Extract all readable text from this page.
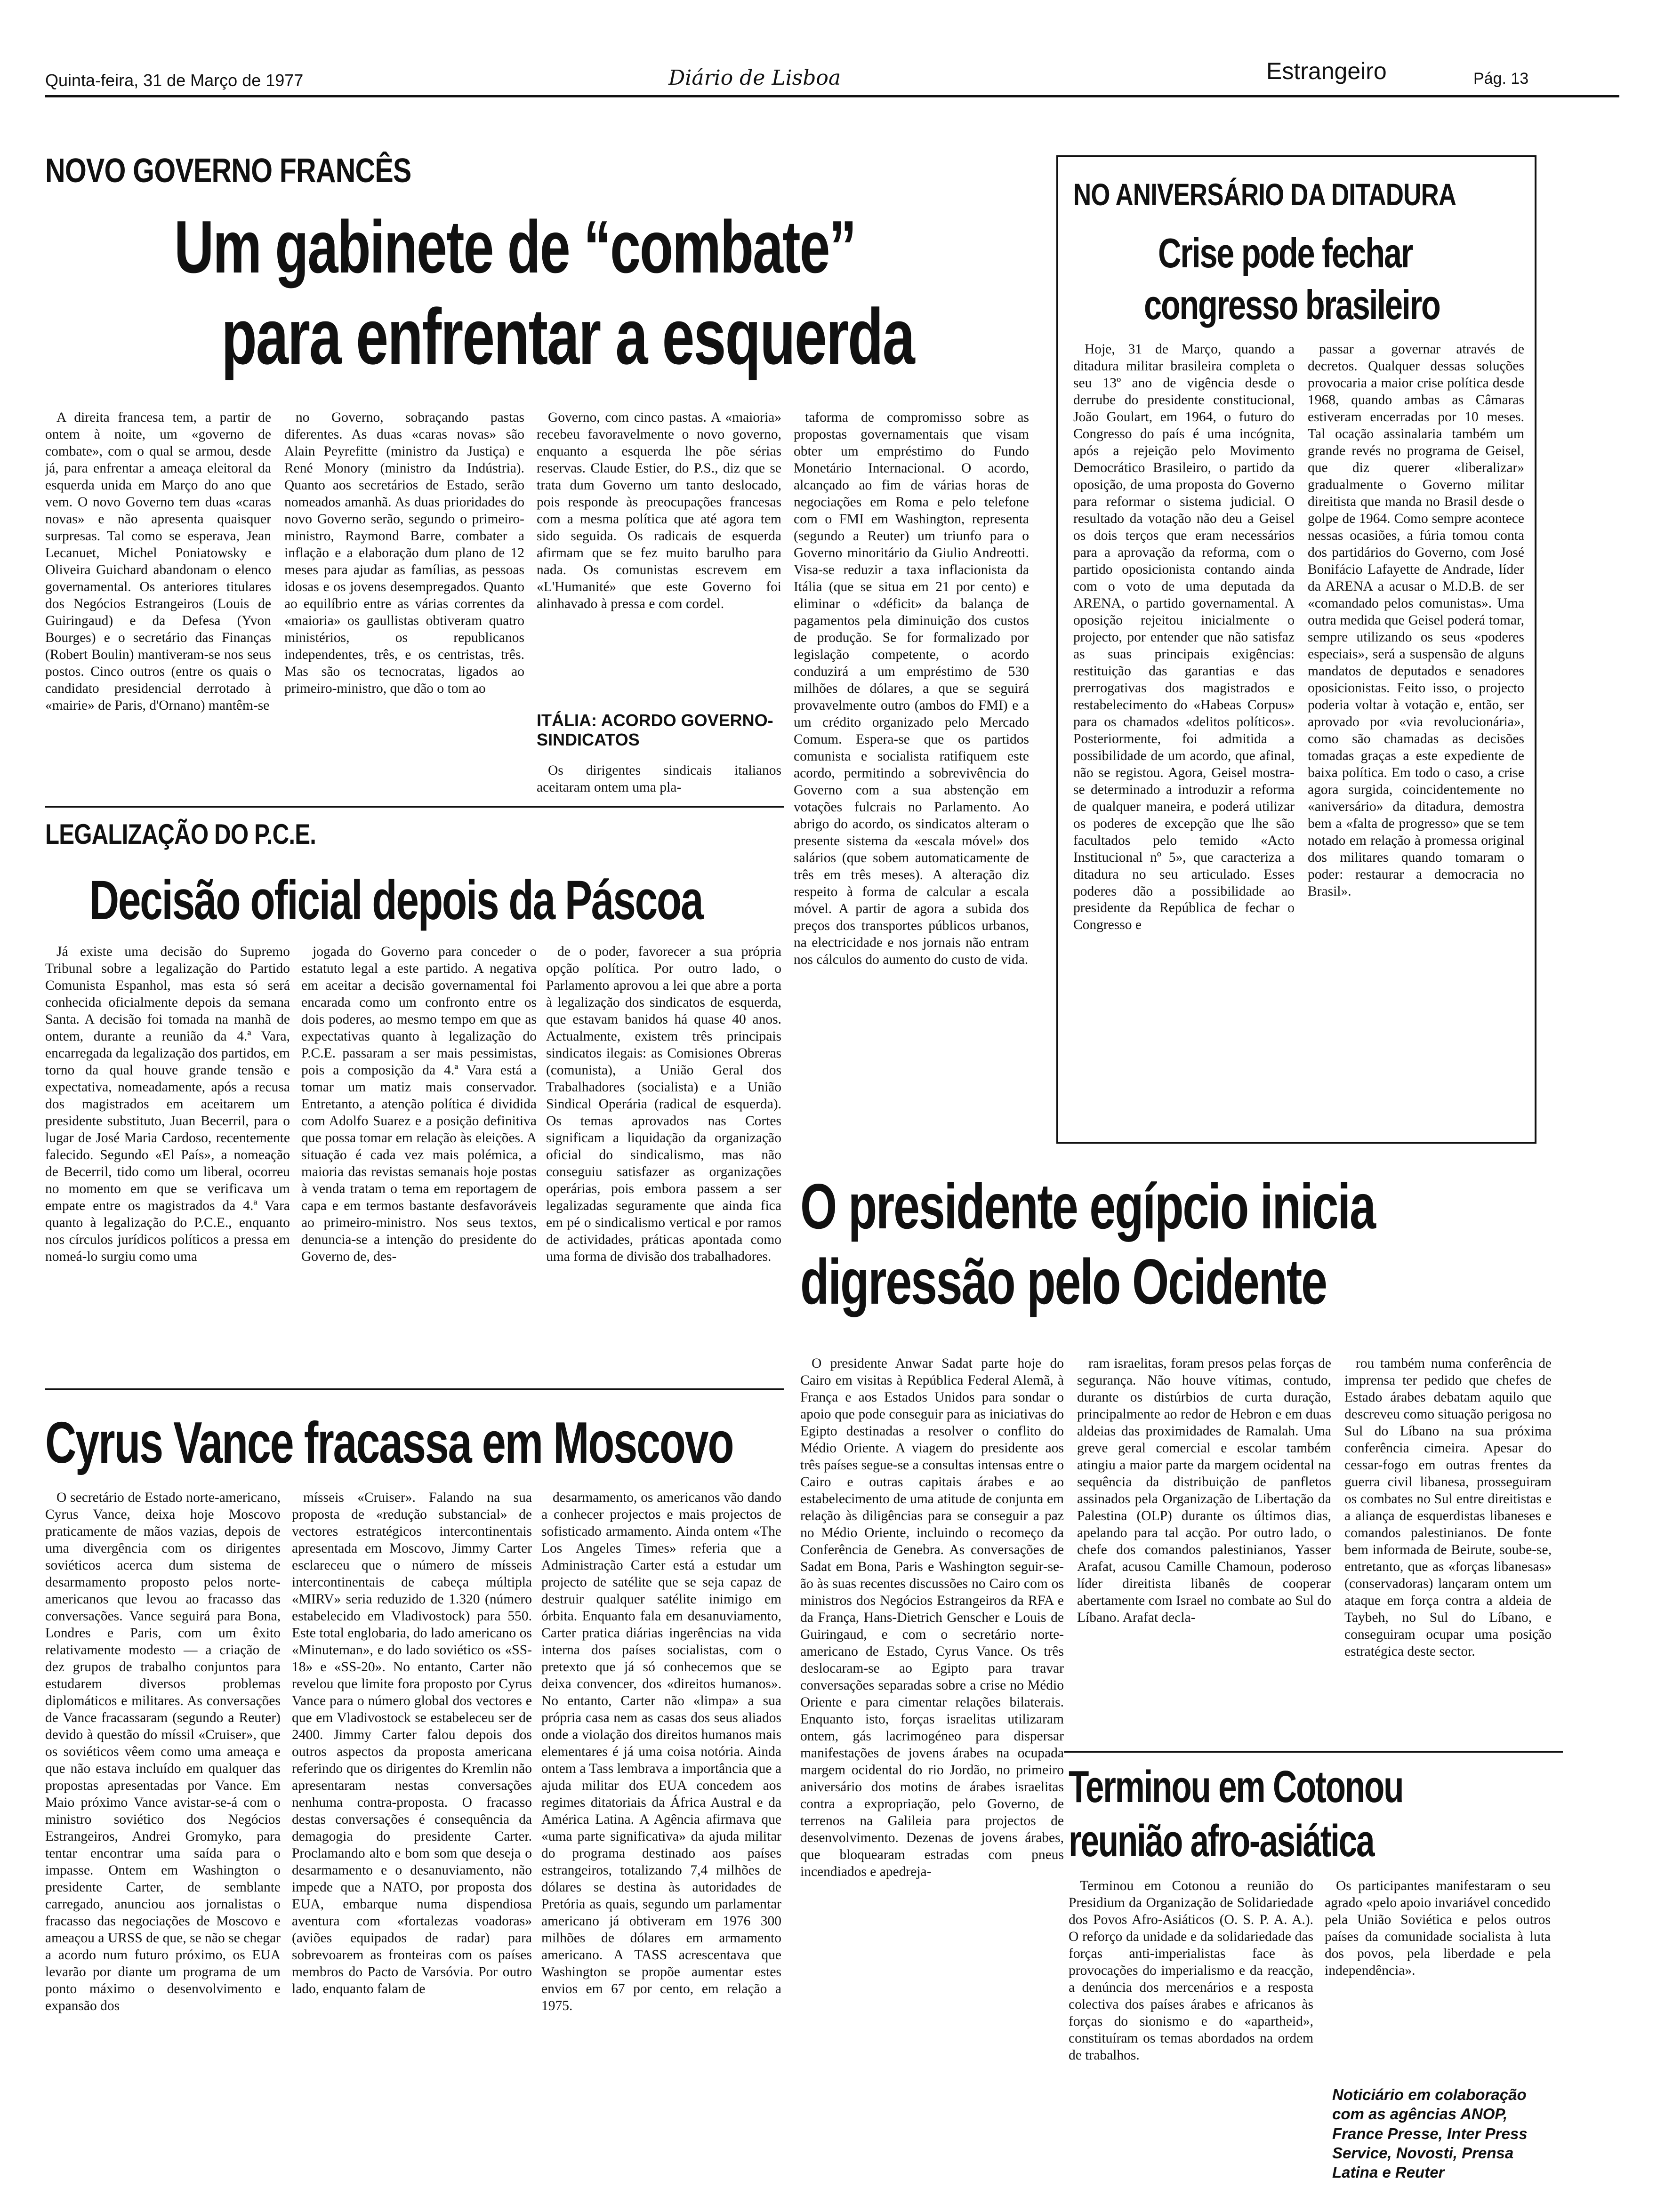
Quinta-feira, 31 de Março de 1977	Diário de Lisboa	Estrangeiro	Pág. 13
NOVO GOVERNO FRANCÊS
Um gabinete de “combate”
para enfrentar a esquerda

A direita francesa tem, a partir de ontem à noite, um «governo de combate», com o qual se armou, desde já, para enfrentar a ameaça eleitoral da esquerda unida em Março do ano que vem. O novo Governo tem duas «caras novas» e não apresenta quaisquer surpresas. Tal como se esperava, Jean Lecanuet, Michel Poniatowsky e Oliveira Guichard abandonam o elenco governamental. Os anteriores titulares dos Negócios Estrangeiros (Louis de Guiringaud) e da Defesa (Yvon Bourges) e o secretário das Finanças (Robert Boulin) mantiveram-se nos seus postos. Cinco outros (entre os quais o candidato presidencial derrotado à «mairie» de Paris, d'Ornano) mantêm-se

no Governo, sobraçando pastas diferentes. As duas «caras novas» são Alain Peyrefitte (ministro da Justiça) e René Monory (ministro da Indústria). Quanto aos secretários de Estado, serão nomeados amanhã. As duas prioridades do novo Governo serão, segundo o primeiro-ministro, Raymond Barre, combater a inflação e a elaboração dum plano de 12 meses para ajudar as famílias, as pessoas idosas e os jovens desempregados. Quanto ao equilíbrio entre as várias correntes da «maioria» os gaullistas obtiveram quatro ministérios, os republicanos independentes, três, e os centristas, três. Mas são os tecnocratas, ligados ao primeiro-ministro, que dão o tom ao

Governo, com cinco pastas. A «maioria» recebeu favoravelmente o novo governo, enquanto a esquerda lhe põe sérias reservas. Claude Estier, do P.S., diz que se trata dum Governo um tanto deslocado, pois responde às preocupações francesas com a mesma política que até agora tem sido seguida. Os radicais de esquerda afirmam que se fez muito barulho para nada. Os comunistas escrevem em «L'Humanité» que este Governo foi alinhavado à pressa e com cordel.

ITÁLIA: ACORDO GOVERNO-SINDICATOS

Os dirigentes sindicais italianos aceitaram ontem uma pla-

taforma de compromisso sobre as propostas governamentais que visam obter um empréstimo do Fundo Monetário Internacional. O acordo, alcançado ao fim de várias horas de negociações em Roma e pelo telefone com o FMI em Washington, representa (segundo a Reuter) um triunfo para o Governo minoritário da Giulio Andreotti. Visa-se reduzir a taxa inflacionista da Itália (que se situa em 21 por cento) e eliminar o «déficit» da balança de pagamentos pela diminuição dos custos de produção. Se for formalizado por legislação competente, o acordo conduzirá a um empréstimo de 530 milhões de dólares, a que se seguirá provavelmente outro (ambos do FMI) e a um crédito organizado pelo Mercado Comum. Espera-se que os partidos comunista e socialista ratifiquem este acordo, permitindo a sobrevivência do Governo com a sua abstenção em votações fulcrais no Parlamento. Ao abrigo do acordo, os sindicatos alteram o presente sistema da «escala móvel» dos salários (que sobem automaticamente de três em três meses). A alteração diz respeito à forma de calcular a escala móvel. A partir de agora a subida dos preços dos transportes públicos urbanos, na electricidade e nos jornais não entram nos cálculos do aumento do custo de vida.

NO ANIVERSÁRIO DA DITADURA
Crise pode fechar
congresso brasileiro

Hoje, 31 de Março, quando a ditadura militar brasileira completa o seu 13º ano de vigência desde o derrube do presidente constitucional, João Goulart, em 1964, o futuro do Congresso do país é uma incógnita, após a rejeição pelo Movimento Democrático Brasileiro, o partido da oposição, de uma proposta do Governo para reformar o sistema judicial. O resultado da votação não deu a Geisel os dois terços que eram necessários para a aprovação da reforma, com o partido oposicionista contando ainda com o voto de uma deputada da ARENA, o partido governamental. A oposição rejeitou inicialmente o projecto, por entender que não satisfaz as suas principais exigências: restituição das garantias e das prerrogativas dos magistrados e restabelecimento do «Habeas Corpus» para os chamados «delitos políticos». Posteriormente, foi admitida a possibilidade de um acordo, que afinal, não se registou. Agora, Geisel mostra-se determinado a introduzir a reforma de qualquer maneira, e poderá utilizar os poderes de excepção que lhe são facultados pelo temido «Acto Institucional nº 5», que caracteriza a ditadura no seu articulado. Esses poderes dão a possibilidade ao presidente da República de fechar o Congresso e

passar a governar através de decretos. Qualquer dessas soluções provocaria a maior crise política desde 1968, quando ambas as Câmaras estiveram encerradas por 10 meses. Tal ocação assinalaria também um grande revés no programa de Geisel, que diz querer «liberalizar» gradualmente o Governo militar direitista que manda no Brasil desde o golpe de 1964. Como sempre acontece nessas ocasiões, a fúria tomou conta dos partidários do Governo, com José Bonifácio Lafayette de Andrade, líder da ARENA a acusar o M.D.B. de ser «comandado pelos comunistas». Uma outra medida que Geisel poderá tomar, sempre utilizando os seus «poderes especiais», será a suspensão de alguns mandatos de deputados e senadores oposicionistas. Feito isso, o projecto poderia voltar à votação e, então, ser aprovado por «via revolucionária», como são chamadas as decisões tomadas graças a este expediente de baixa política. Em todo o caso, a crise agora surgida, coincidentemente no «aniversário» da ditadura, demostra bem a «falta de progresso» que se tem notado em relação à promessa original dos militares quando tomaram o poder: restaurar a democracia no Brasil».

LEGALIZAÇÃO DO P.C.E.
Decisão oficial depois da Páscoa

Já existe uma decisão do Supremo Tribunal sobre a legalização do Partido Comunista Espanhol, mas esta só será conhecida oficialmente depois da semana Santa. A decisão foi tomada na manhã de ontem, durante a reunião da 4.ª Vara, encarregada da legalização dos partidos, em torno da qual houve grande tensão e expectativa, nomeadamente, após a recusa dos magistrados em aceitarem um presidente substituto, Juan Becerril, para o lugar de José Maria Cardoso, recentemente falecido. Segundo «El País», a nomeação de Becerril, tido como um liberal, ocorreu no momento em que se verificava um empate entre os magistrados da 4.ª Vara quanto à legalização do P.C.E., enquanto nos círculos jurídicos políticos a pressa em nomeá-lo surgiu como uma

jogada do Governo para conceder o estatuto legal a este partido. A negativa em aceitar a decisão governamental foi encarada como um confronto entre os dois poderes, ao mesmo tempo em que as expectativas quanto à legalização do P.C.E. passaram a ser mais pessimistas, pois a composição da 4.ª Vara está a tomar um matiz mais conservador. Entretanto, a atenção política é dividida com Adolfo Suarez e a posição definitiva que possa tomar em relação às eleições. A situação é cada vez mais polémica, a maioria das revistas semanais hoje postas à venda tratam o tema em reportagem de capa e em termos bastante desfavoráveis ao primeiro-ministro. Nos seus textos, denuncia-se a intenção do presidente do Governo de, des-

de o poder, favorecer a sua própria opção política. Por outro lado, o Parlamento aprovou a lei que abre a porta à legalização dos sindicatos de esquerda, que estavam banidos há quase 40 anos. Actualmente, existem três principais sindicatos ilegais: as Comisiones Obreras (comunista), a União Geral dos Trabalhadores (socialista) e a União Sindical Operária (radical de esquerda). Os temas aprovados nas Cortes significam a liquidação da organização oficial do sindicalismo, mas não conseguiu satisfazer as organizações operárias, pois embora passem a ser legalizadas seguramente que ainda fica em pé o sindicalismo vertical e por ramos de actividades, práticas apontada como uma forma de divisão dos trabalhadores.

O presidente egípcio inicia
digressão pelo Ocidente

O presidente Anwar Sadat parte hoje do Cairo em visitas à República Federal Alemã, à França e aos Estados Unidos para sondar o apoio que pode conseguir para as iniciativas do Egipto destinadas a resolver o conflito do Médio Oriente. A viagem do presidente aos três países segue-se a consultas intensas entre o Cairo e outras capitais árabes e ao estabelecimento de uma atitude de conjunta em relação às diligências para se conseguir a paz no Médio Oriente, incluindo o recomeço da Conferência de Genebra. As conversações de Sadat em Bona, Paris e Washington seguir-se-ão às suas recentes discussões no Cairo com os ministros dos Negócios Estrangeiros da RFA e da França, Hans-Dietrich Genscher e Louis de Guiringaud, e com o secretário norte-americano de Estado, Cyrus Vance. Os três deslocaram-se ao Egipto para travar conversações separadas sobre a crise no Médio Oriente e para cimentar relações bilaterais. Enquanto isto, forças israelitas utilizaram ontem, gás lacrimogéneo para dispersar manifestações de jovens árabes na ocupada margem ocidental do rio Jordão, no primeiro aniversário dos motins de árabes israelitas contra a expropriação, pelo Governo, de terrenos na Galileia para projectos de desenvolvimento. Dezenas de jovens árabes, que bloquearam estradas com pneus incendiados e apedreja-

ram israelitas, foram presos pelas forças de segurança. Não houve vítimas, contudo, durante os distúrbios de curta duração, principalmente ao redor de Hebron e em duas aldeias das proximidades de Ramalah. Uma greve geral comercial e escolar também atingiu a maior parte da margem ocidental na sequência da distribuição de panfletos assinados pela Organização de Libertação da Palestina (OLP) durante os últimos dias, apelando para tal acção. Por outro lado, o chefe dos comandos palestinianos, Yasser Arafat, acusou Camille Chamoun, poderoso líder direitista libanês de cooperar abertamente com Israel no combate ao Sul do Líbano. Arafat decla-

rou também numa conferência de imprensa ter pedido que chefes de Estado árabes debatam aquilo que descreveu como situação perigosa no Sul do Líbano na sua próxima conferência cimeira. Apesar do cessar-fogo em outras frentes da guerra civil libanesa, prosseguiram os combates no Sul entre direitistas e a aliança de esquerdistas libaneses e comandos palestinianos. De fonte bem informada de Beirute, soube-se, entretanto, que as «forças libanesas» (conservadoras) lançaram ontem um ataque em força contra a aldeia de Taybeh, no Sul do Líbano, e conseguiram ocupar uma posição estratégica deste sector.

Cyrus Vance fracassa em Moscovo

O secretário de Estado norte-americano, Cyrus Vance, deixa hoje Moscovo praticamente de mãos vazias, depois de uma divergência com os dirigentes soviéticos acerca dum sistema de desarmamento proposto pelos norte-americanos que levou ao fracasso das conversações. Vance seguirá para Bona, Londres e Paris, com um êxito relativamente modesto — a criação de dez grupos de trabalho conjuntos para estudarem diversos problemas diplomáticos e militares. As conversações de Vance fracassaram (segundo a Reuter) devido à questão do míssil «Cruiser», que os soviéticos vêem como uma ameaça e que não estava incluído em qualquer das propostas apresentadas por Vance. Em Maio próximo Vance avistar-se-á com o ministro soviético dos Negócios Estrangeiros, Andrei Gromyko, para tentar encontrar uma saída para o impasse. Ontem em Washington o presidente Carter, de semblante carregado, anunciou aos jornalistas o fracasso das negociações de Moscovo e ameaçou a URSS de que, se não se chegar a acordo num futuro próximo, os EUA levarão por diante um programa de um ponto máximo o desenvolvimento e expansão dos

mísseis «Cruiser». Falando na sua proposta de «redução substancial» de vectores estratégicos intercontinentais apresentada em Moscovo, Jimmy Carter esclareceu que o número de mísseis intercontinentais de cabeça múltipla «MIRV» seria reduzido de 1.320 (número estabelecido em Vladivostock) para 550. Este total englobaria, do lado americano os «Minuteman», e do lado soviético os «SS-18» e «SS-20». No entanto, Carter não revelou que limite fora proposto por Cyrus Vance para o número global dos vectores e que em Vladivostock se estabeleceu ser de 2400. Jimmy Carter falou depois dos outros aspectos da proposta americana referindo que os dirigentes do Kremlin não apresentaram nestas conversações nenhuma contra-proposta. O fracasso destas conversações é consequência da demagogia do presidente Carter. Proclamando alto e bom som que deseja o desarmamento e o desanuviamento, não impede que a NATO, por proposta dos EUA, embarque numa dispendiosa aventura com «fortalezas voadoras» (aviões equipados de radar) para sobrevoarem as fronteiras com os países membros do Pacto de Varsóvia. Por outro lado, enquanto falam de

desarmamento, os americanos vão dando a conhecer projectos e mais projectos de sofisticado armamento. Ainda ontem «The Los Angeles Times» referia que a Administração Carter está a estudar um projecto de satélite que se seja capaz de destruir qualquer satélite inimigo em órbita. Enquanto fala em desanuviamento, Carter pratica diárias ingerências na vida interna dos países socialistas, com o pretexto que já só conhecemos que se deixa convencer, dos «direitos humanos». No entanto, Carter não «limpa» a sua própria casa nem as casas dos seus aliados onde a violação dos direitos humanos mais elementares é já uma coisa notória. Ainda ontem a Tass lembrava a importância que a ajuda militar dos EUA concedem aos regimes ditatoriais da África Austral e da América Latina. A Agência afirmava que «uma parte significativa» da ajuda militar do programa destinado aos países estrangeiros, totalizando 7,4 milhões de dólares se destina às autoridades de Pretória as quais, segundo um parlamentar americano já obtiveram em 1976 300 milhões de dólares em armamento americano. A TASS acrescentava que Washington se propõe aumentar estes envios em 67 por cento, em relação a 1975.

Terminou em Cotonou
reunião afro-asiática

Terminou em Cotonou a reunião do Presidium da Organização de Solidariedade dos Povos Afro-Asiáticos (O. S. P. A. A.). O reforço da unidade e da solidariedade das forças anti-imperialistas face às provocações do imperialismo e da reacção, a denúncia dos mercenários e a resposta colectiva dos países árabes e africanos às forças do sionismo e do «apartheid», constituíram os temas abordados na ordem de trabalhos.

Os participantes manifestaram o seu agrado «pelo apoio invariável concedido pela União Soviética e pelos outros países da comunidade socialista à luta dos povos, pela liberdade e pela independência».

Noticiário em colaboração com as agências ANOP, France Presse, Inter Press Service, Novosti, Prensa Latina e Reuter
